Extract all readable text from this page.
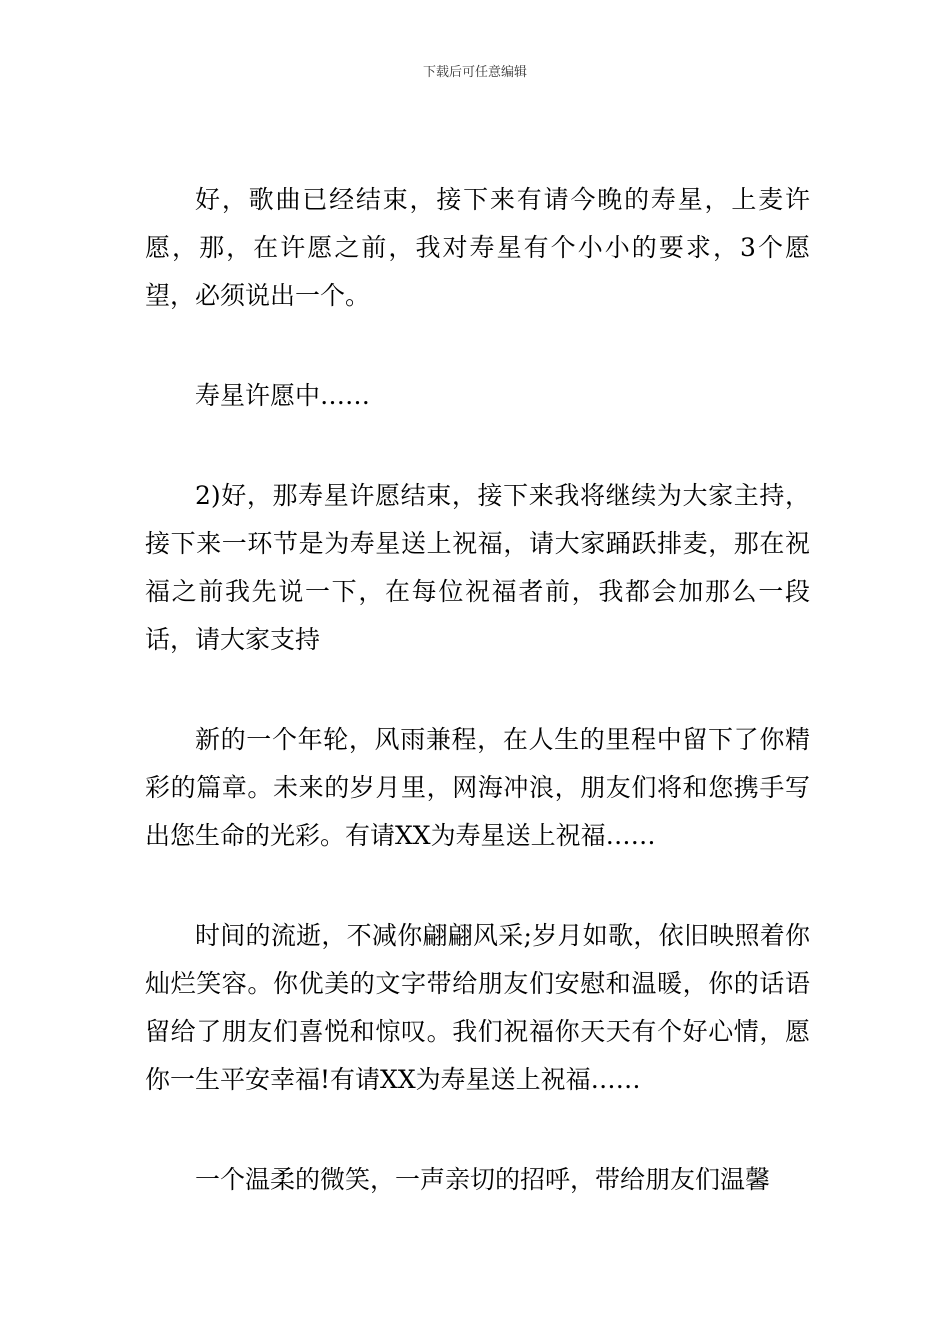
下载后可任意编辑

好，歌曲已经结束，接下来有请今晚的寿星，上麦许愿，那，在许愿之前，我对寿星有个小小的要求，3个愿望，必须说出一个。

寿星许愿中……

2)好，那寿星许愿结束，接下来我将继续为大家主持，接下来一环节是为寿星送上祝福，请大家踊跃排麦，那在祝福之前我先说一下，在每位祝福者前，我都会加那么一段话，请大家支持

新的一个年轮，风雨兼程，在人生的里程中留下了你精彩的篇章。未来的岁月里，网海冲浪，朋友们将和您携手写出您生命的光彩。有请XX为寿星送上祝福……

时间的流逝，不减你翩翩风采;岁月如歌，依旧映照着你灿烂笑容。你优美的文字带给朋友们安慰和温暖，你的话语留给了朋友们喜悦和惊叹。我们祝福你天天有个好心情，愿你一生平安幸福!有请XX为寿星送上祝福……

一个温柔的微笑，一声亲切的招呼，带给朋友们温馨
